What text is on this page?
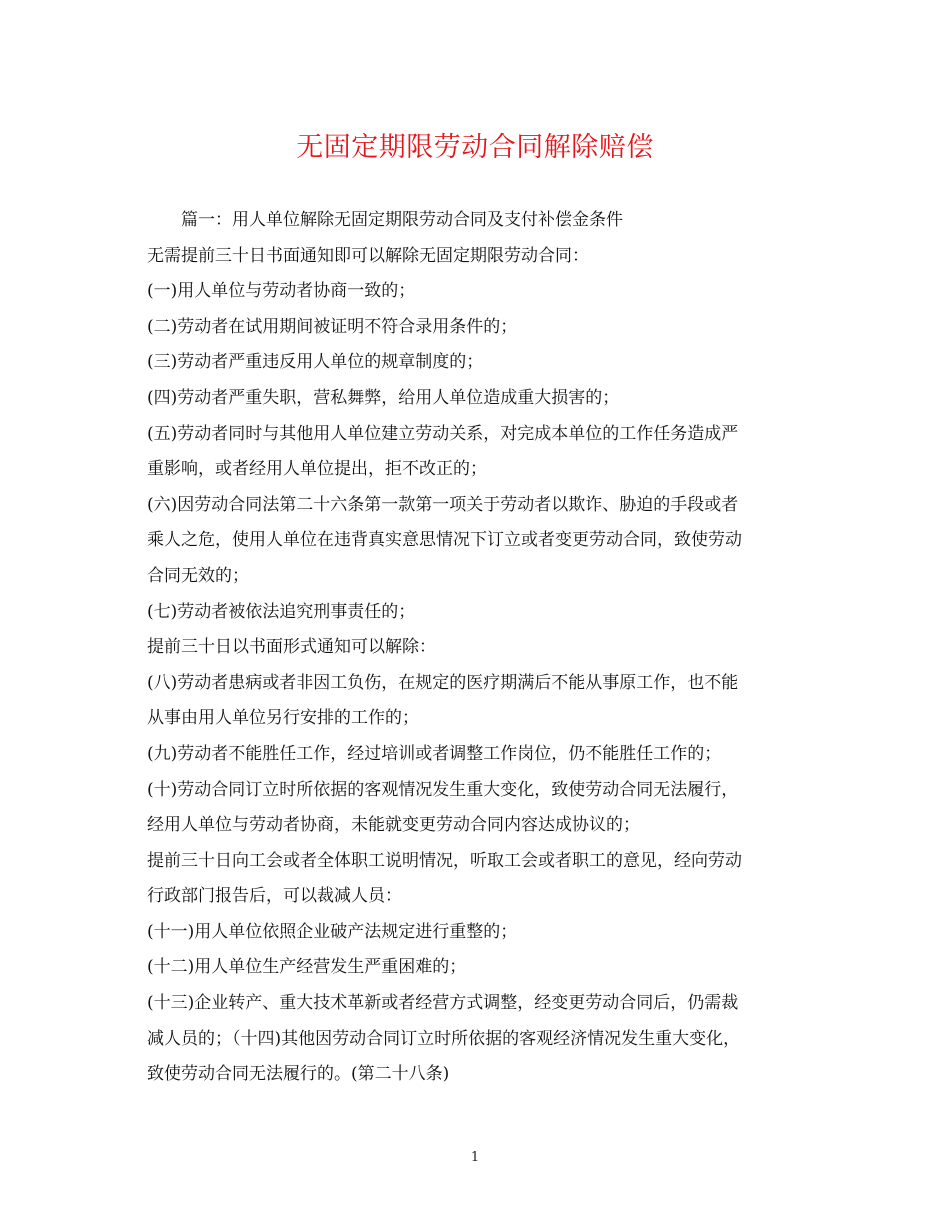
无固定期限劳动合同解除赔偿
篇一：用人单位解除无固定期限劳动合同及支付补偿金条件
无需提前三十日书面通知即可以解除无固定期限劳动合同：
(一)用人单位与劳动者协商一致的；
(二)劳动者在试用期间被证明不符合录用条件的；
(三)劳动者严重违反用人单位的规章制度的；
(四)劳动者严重失职，营私舞弊，给用人单位造成重大损害的；
(五)劳动者同时与其他用人单位建立劳动关系，对完成本单位的工作任务造成严
重影响，或者经用人单位提出，拒不改正的；
(六)因劳动合同法第二十六条第一款第一项关于劳动者以欺诈、胁迫的手段或者
乘人之危，使用人单位在违背真实意思情况下订立或者变更劳动合同，致使劳动
合同无效的；
(七)劳动者被依法追究刑事责任的；
提前三十日以书面形式通知可以解除：
(八)劳动者患病或者非因工负伤，在规定的医疗期满后不能从事原工作，也不能
从事由用人单位另行安排的工作的；
(九)劳动者不能胜任工作，经过培训或者调整工作岗位，仍不能胜任工作的；
(十)劳动合同订立时所依据的客观情况发生重大变化，致使劳动合同无法履行，
经用人单位与劳动者协商，未能就变更劳动合同内容达成协议的；
提前三十日向工会或者全体职工说明情况，听取工会或者职工的意见，经向劳动
行政部门报告后，可以裁减人员：
(十一)用人单位依照企业破产法规定进行重整的；
(十二)用人单位生产经营发生严重困难的；
(十三)企业转产、重大技术革新或者经营方式调整，经变更劳动合同后，仍需裁
减人员的；（十四)其他因劳动合同订立时所依据的客观经济情况发生重大变化，
致使劳动合同无法履行的。(第二十八条)
1
